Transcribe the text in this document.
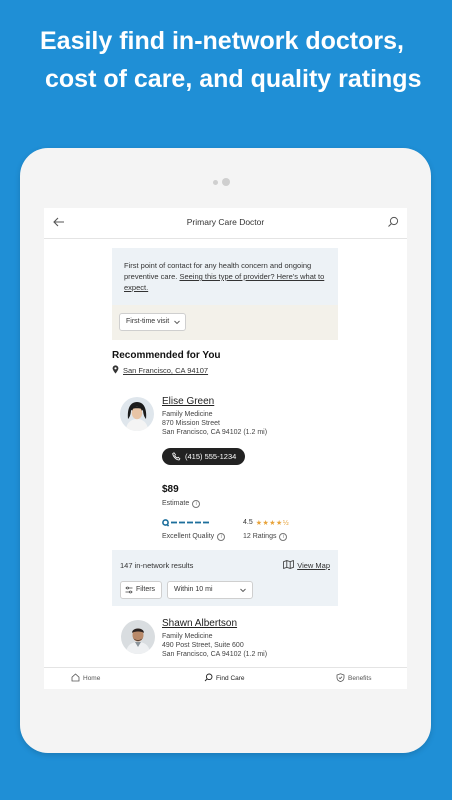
Easily find in-network doctors,
cost of care, and quality ratings
Primary Care Doctor
First point of contact for any health concern and ongoing preventive care. Seeing this type of provider? Here's what to expect.
First-time visit
Recommended for You
San Francisco, CA 94107
Elise Green
Family Medicine
870 Mission Street
San Francisco, CA 94102 (1.2 mi)
(415) 555-1234
$89
Estimate i
Excellent Quality i
4.5 ★★★★½
12 Ratings i
147 in-network results	View Map
Filters	Within 10 mi
Shawn Albertson
Family Medicine
490 Post Street, Suite 600
San Francisco, CA 94102 (1.2 mi)
Home	Find Care	Benefits
